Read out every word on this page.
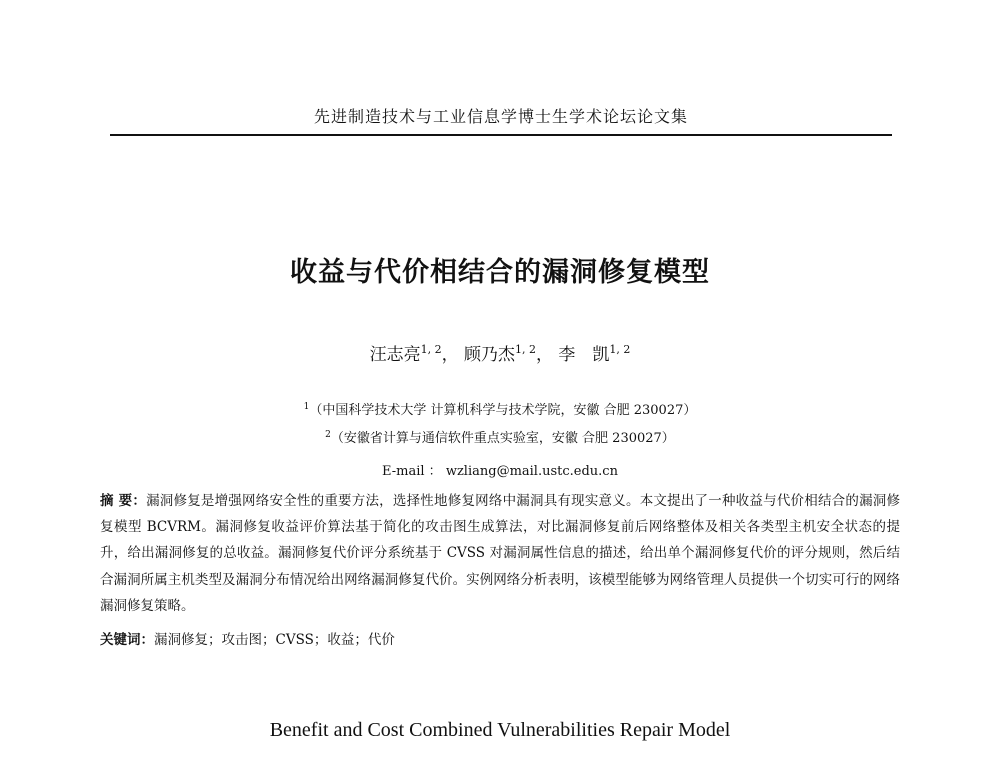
先进制造技术与工业信息学博士生学术论坛论文集
收益与代价相结合的漏洞修复模型
汪志亮$^{1, 2}$， 顾乃杰$^{1, 2}$， 李　凯$^{1, 2}$
$^1$（中国科学技术大学 计算机科学与技术学院，安徽 合肥 230027）
$^2$（安徽省计算与通信软件重点实验室，安徽 合肥 230027）
E-mail ： wzliang@mail.ustc.edu.cn
摘 要：漏洞修复是增强网络安全性的重要方法，选择性地修复网络中漏洞具有现实意义。本文提出了一种收益与代价相结合的漏洞修复模型 BCVRM。漏洞修复收益评价算法基于简化的攻击图生成算法，对比漏洞修复前后网络整体及相关各类型主机安全状态的提升，给出漏洞修复的总收益。漏洞修复代价评分系统基于 CVSS 对漏洞属性信息的描述，给出单个漏洞修复代价的评分规则，然后结合漏洞所属主机类型及漏洞分布情况给出网络漏洞修复代价。实例网络分析表明，该模型能够为网络管理人员提供一个切实可行的网络漏洞修复策略。
关键词：漏洞修复；攻击图；CVSS；收益；代价
Benefit and Cost Combined Vulnerabilities Repair Model
